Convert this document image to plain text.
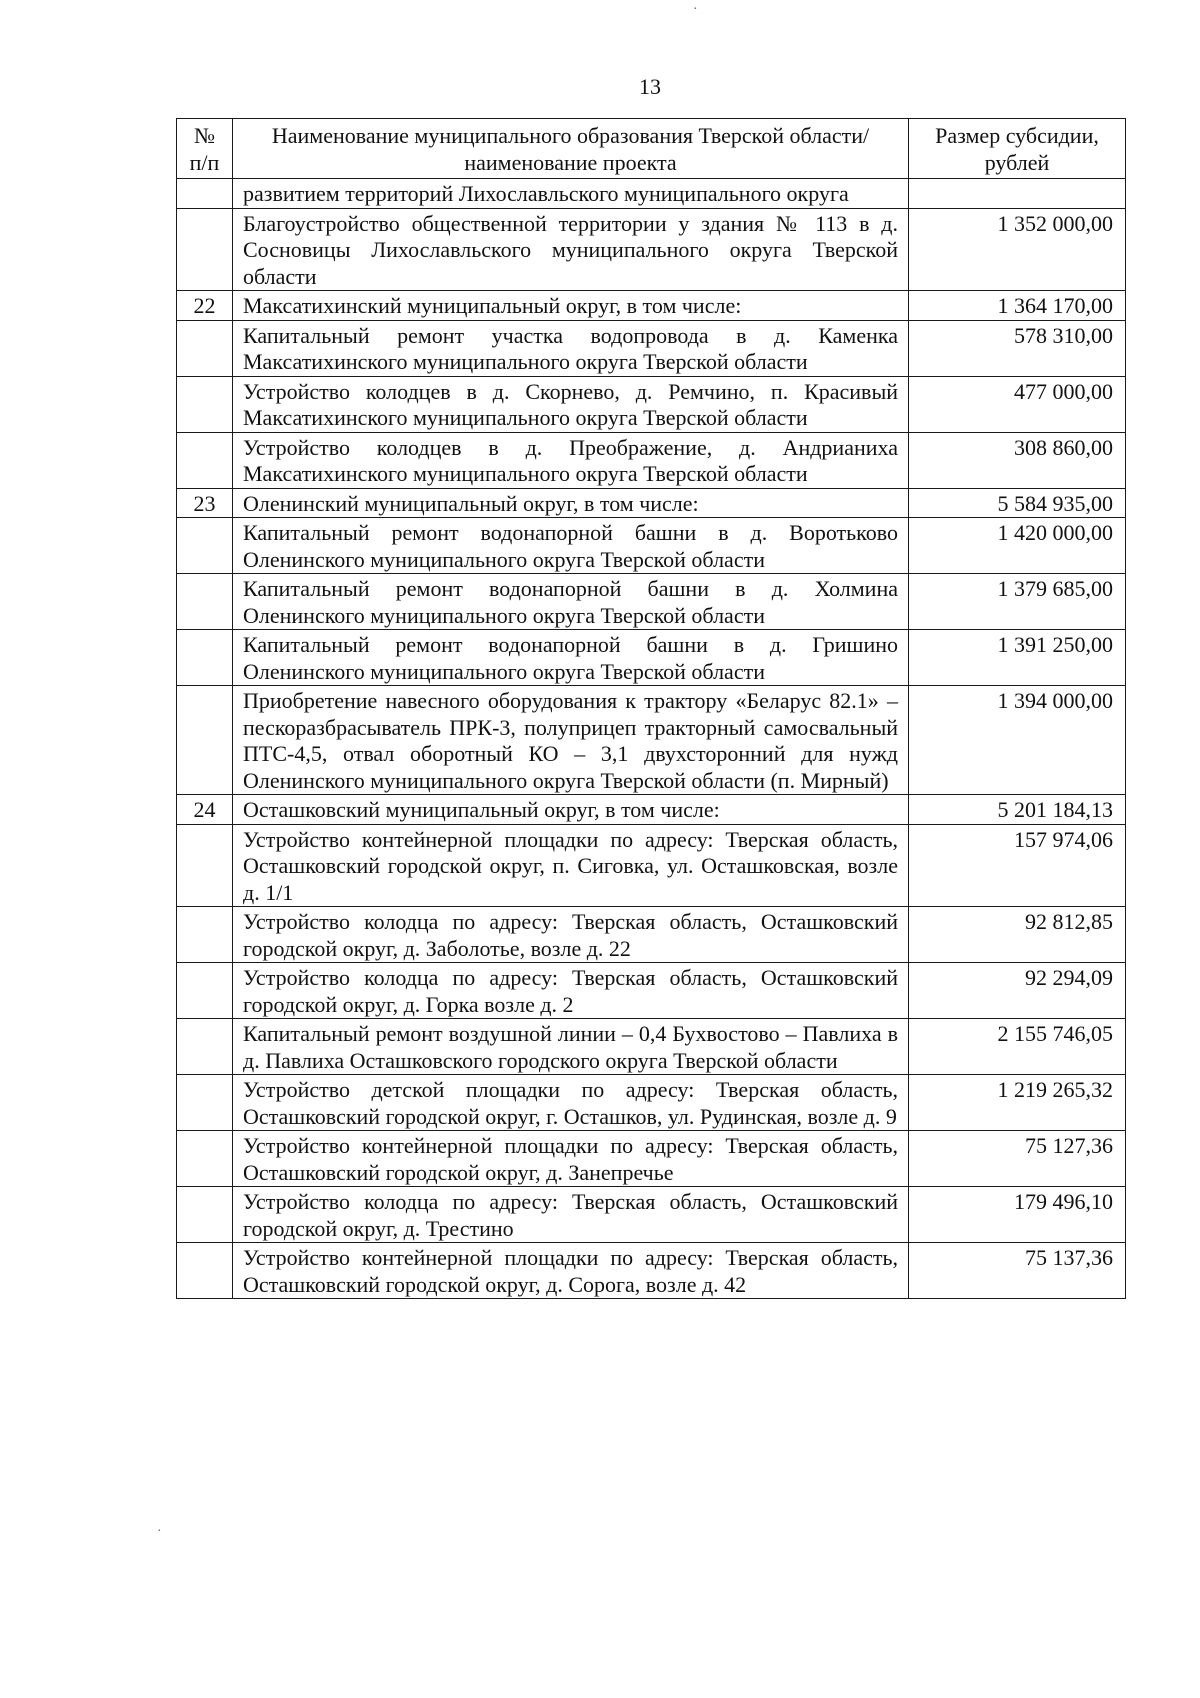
13
№ п/п	Наименование муниципального образования Тверской области/наименование проекта	Размер субсидии, рублей
	развитием территорий Лихославльского муниципального округа	
	Благоустройство общественной территории у здания № 113 в д. Сосновицы Лихославльского муниципального округа Тверской области	1 352 000,00
22	Максатихинский муниципальный округ, в том числе:	1 364 170,00
	Капитальный ремонт участка водопровода в д. Каменка Максатихинского муниципального округа Тверской области	578 310,00
	Устройство колодцев в д. Скорнево, д. Ремчино, п. Красивый Максатихинского муниципального округа Тверской области	477 000,00
	Устройство колодцев в д. Преображение, д. Андрианиха Максатихинского муниципального округа Тверской области	308 860,00
23	Оленинский муниципальный округ, в том числе:	5 584 935,00
	Капитальный ремонт водонапорной башни в д. Воротьково Оленинского муниципального округа Тверской области	1 420 000,00
	Капитальный ремонт водонапорной башни в д. Холмина Оленинского муниципального округа Тверской области	1 379 685,00
	Капитальный ремонт водонапорной башни в д. Гришино Оленинского муниципального округа Тверской области	1 391 250,00
	Приобретение навесного оборудования к трактору «Беларус 82.1» – пескоразбрасыватель ПРК-3, полуприцеп тракторный самосвальный ПТС-4,5, отвал оборотный КО – 3,1 двухсторонний для нужд Оленинского муниципального округа Тверской области (п. Мирный)	1 394 000,00
24	Осташковский муниципальный округ, в том числе:	5 201 184,13
	Устройство контейнерной площадки по адресу: Тверская область, Осташковский городской округ, п. Сиговка, ул. Осташковская, возле д. 1/1	157 974,06
	Устройство колодца по адресу: Тверская область, Осташковский городской округ, д. Заболотье, возле д. 22	92 812,85
	Устройство колодца по адресу: Тверская область, Осташковский городской округ, д. Горка возле д. 2	92 294,09
	Капитальный ремонт воздушной линии – 0,4 Бухвостово – Павлиха в д. Павлиха Осташковского городского округа Тверской области	2 155 746,05
	Устройство детской площадки по адресу: Тверская область, Осташковский городской округ, г. Осташков, ул. Рудинская, возле д. 9	1 219 265,32
	Устройство контейнерной площадки по адресу: Тверская область, Осташковский городской округ, д. Занепречье	75 127,36
	Устройство колодца по адресу: Тверская область, Осташковский городской округ, д. Трестино	179 496,10
	Устройство контейнерной площадки по адресу: Тверская область, Осташковский городской округ, д. Сорога, возле д. 42	75 137,36
·
·
